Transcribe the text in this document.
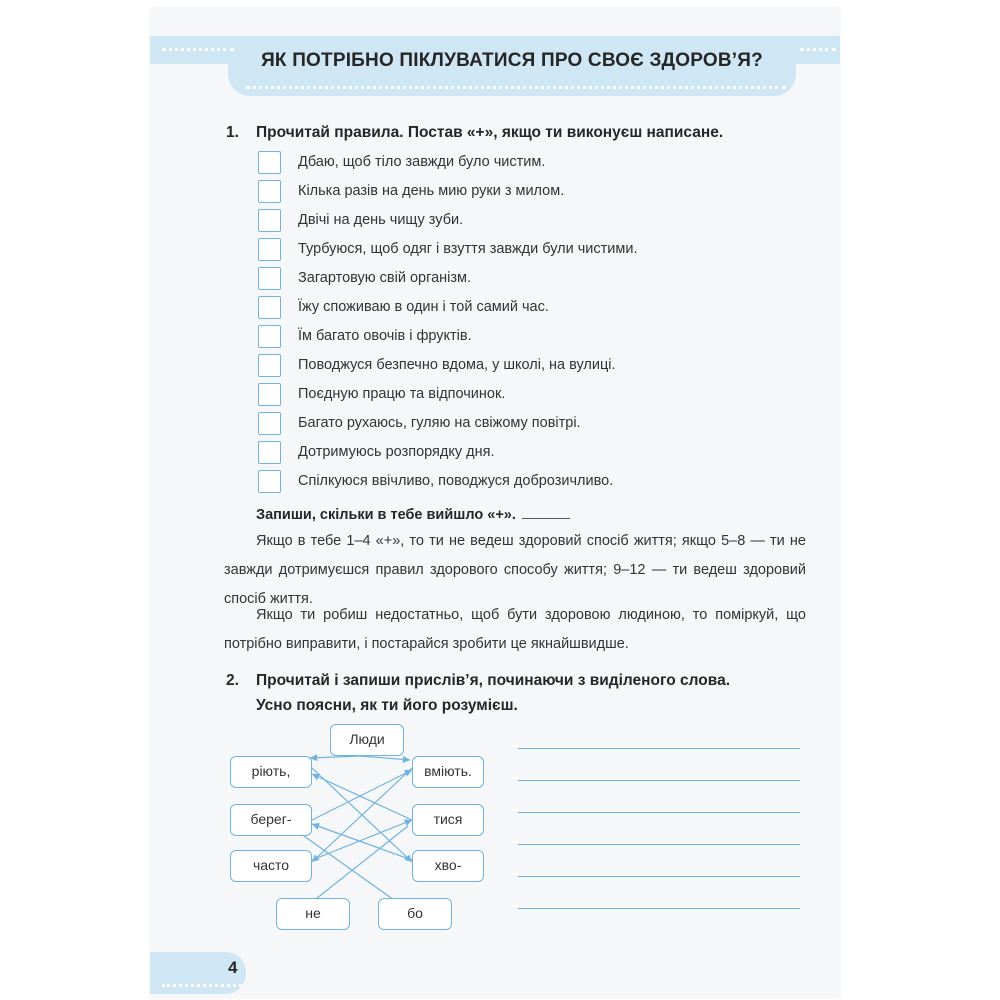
ЯК ПОТРІБНО ПІКЛУВАТИСЯ ПРО СВОЄ ЗДОРОВ’Я?
1. Прочитай правила. Постав «+», якщо ти виконуєш написане.
Дбаю, щоб тіло завжди було чистим.
Кілька разів на день мию руки з милом.
Двічі на день чищу зуби.
Турбуюся, щоб одяг і взуття завжди були чистими.
Загартовую свій організм.
Їжу споживаю в один і той самий час.
Їм багато овочів і фруктів.
Поводжуся безпечно вдома, у школі, на вулиці.
Поєдную працю та відпочинок.
Багато рухаюсь, гуляю на свіжому повітрі.
Дотримуюсь розпорядку дня.
Спілкуюся ввічливо, поводжуся доброзичливо.
Запиши, скільки в тебе вийшло «+».
Якщо в тебе 1–4 «+», то ти не ведеш здоровий спосіб життя; якщо 5–8 — ти не завжди дотримуєшся правил здорового способу життя; 9–12 — ти ведеш здоровий спосіб життя.
Якщо ти робиш недостатньо, щоб бути здоровою людиною, то поміркуй, що потрібно виправити, і постарайся зробити це якнайшвидше.
2. Прочитай і запиши прислів’я, починаючи з виділеного слова.
Усно поясни, як ти його розумієш.
Люди
ріють,	вміють.
берег-	тися
часто	хво-
не	бо
4
